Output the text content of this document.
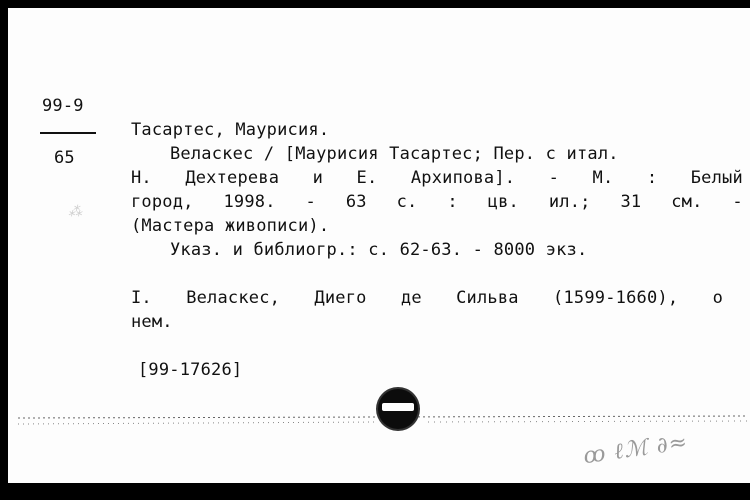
99-9
65
⁂
Тасартес, Маурисия.
Веласкес / [Маурисия Тасартес; Пер. с итал.
Н. Дехтерева и Е. Архипова]. - М. : Белый
город, 1998. - 63 с. : цв. ил.; 31 см. -
(Мастера живописи).
Указ. и библиогр.: с. 62-63. - 8000 экз.
I. Веласкес, Диего де Сильва (1599-1660), о
нем.
[99-17626]
ꝏ ℓℳ ∂≈
